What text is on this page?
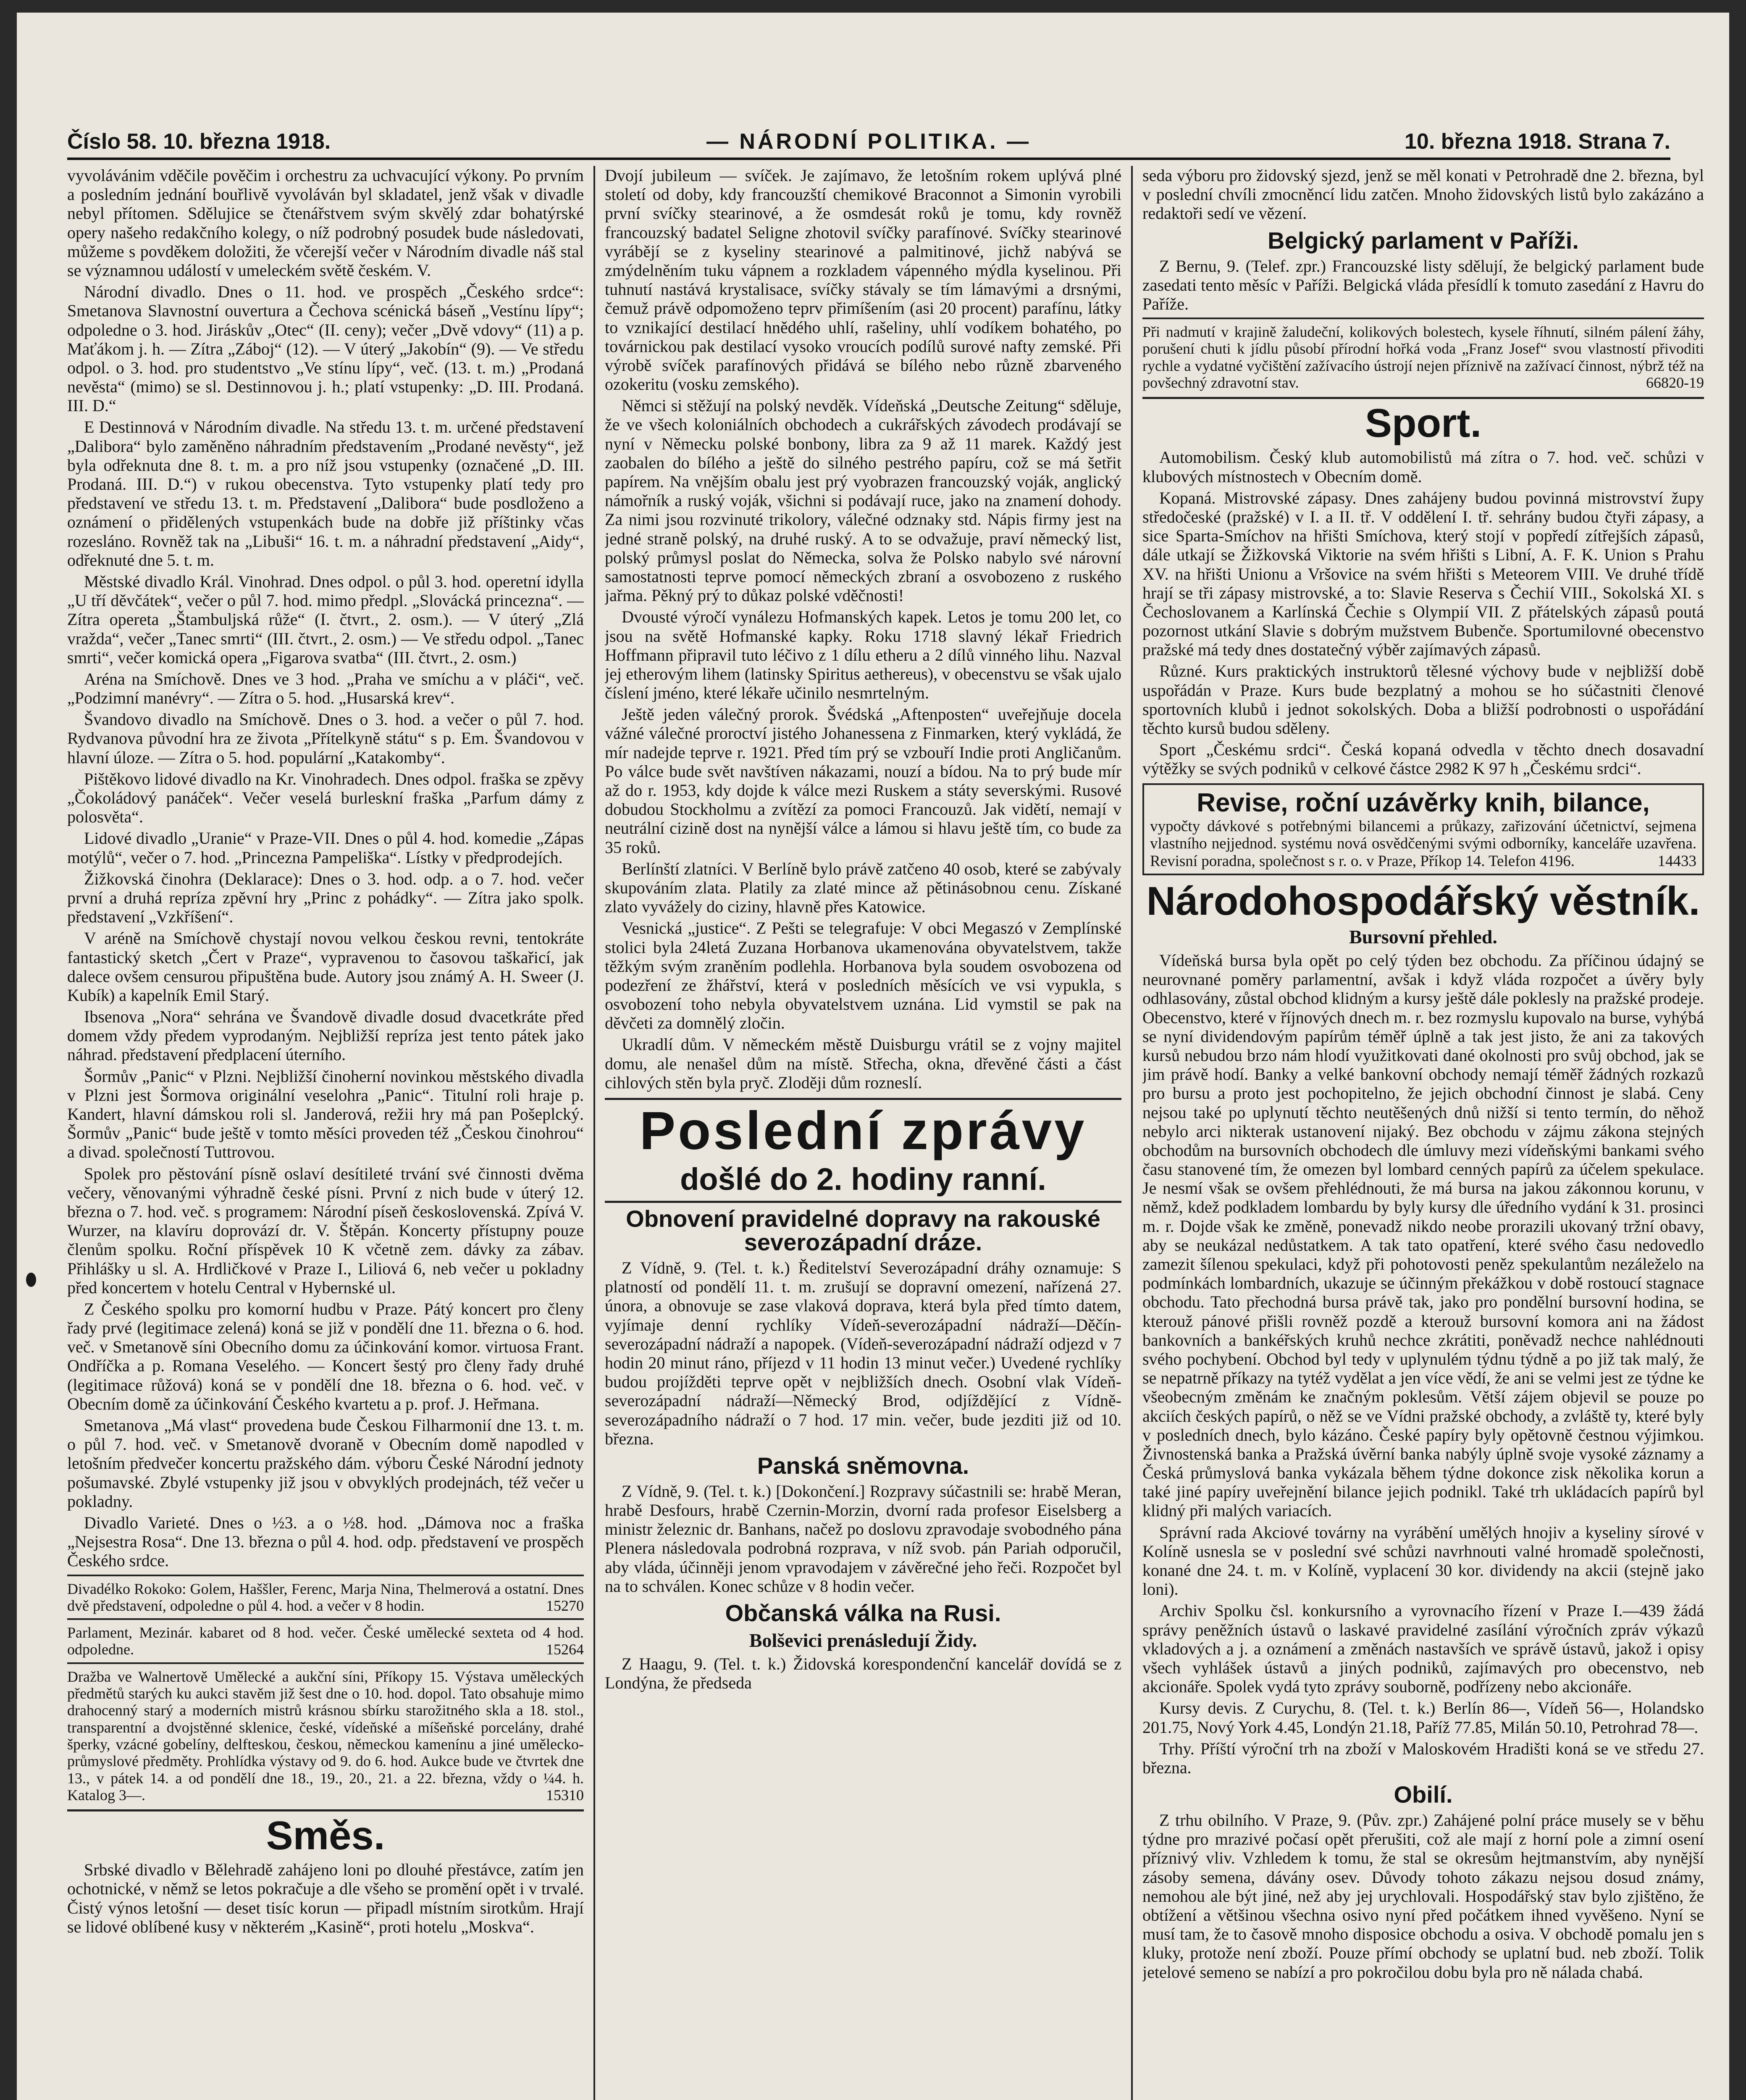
Číslo 58. 10. března 1918.	— NÁRODNÍ POLITIKA. —	10. března 1918. Strana 7.

vyvolávánim vděčile pověčim i orchestru za uchvacující výkony. Po prvním a posledním jednání bouřlivě vyvoláván byl skladatel, jenž však v divadle nebyl přítomen. Sdělujice se čtenářstvem svým skvělý zdar bohatýrské opery našeho redakčního kolegy, o níž podrobný posudek bude následovati, můžeme s povděkem doložiti, že včerejší večer v Národním divadle náš stal se významnou událostí v umeleckém světě českém. V.

Národní divadlo. Dnes o 11. hod. ve prospěch „Českého srdce“: Smetanova Slavnostní ouvertura a Čechova scénická báseň „Vestínu lípy“; odpoledne o 3. hod. Jiráskův „Otec“ (II. ceny); večer „Dvě vdovy“ (11) a p. Maťákom j. h. — Zítra „Záboj“ (12). — V úterý „Jakobín“ (9). — Ve středu odpol. o 3. hod. pro studentstvo „Ve stínu lípy“, več. (13. t. m.) „Prodaná nevěsta“ (mimo) se sl. Destinnovou j. h.; platí vstupenky: „D. III. Prodaná. III. D.“

E Destinnová v Národním divadle. Na středu 13. t. m. určené představení „Dalibora“ bylo zaměněno náhradním představením „Prodané nevěsty“, jež byla odřeknuta dne 8. t. m. a pro níž jsou vstupenky (označené „D. III. Prodaná. III. D.“) v rukou obecenstva. Tyto vstupenky platí tedy pro představení ve středu 13. t. m. Představení „Dalibora“ bude posdloženo a oznámení o přidělených vstupenkách bude na dobře již příštinky včas rozesláno. Rovněž tak na „Libuši“ 16. t. m. a náhradní představení „Aidy“, odřeknuté dne 5. t. m.

Městské divadlo Král. Vinohrad. Dnes odpol. o půl 3. hod. operetní idylla „U tří děvčátek“, večer o půl 7. hod. mimo předpl. „Slovácká princezna“. — Zítra opereta „Štambuljská růže“ (I. čtvrt., 2. osm.). — V úterý „Zlá vražda“, večer „Tanec smrti“ (III. čtvrt., 2. osm.) — Ve středu odpol. „Tanec smrti“, večer komická opera „Figarova svatba“ (III. čtvrt., 2. osm.)

Aréna na Smíchově. Dnes ve 3 hod. „Praha ve smíchu a v pláči“, več. „Podzimní manévry“. — Zítra o 5. hod. „Husarská krev“.

Švandovo divadlo na Smíchově. Dnes o 3. hod. a večer o půl 7. hod. Rydvanova původní hra ze života „Přítelkyně státu“ s p. Em. Švandovou v hlavní úloze. — Zítra o 5. hod. populární „Katakomby“.

Pištěkovo lidové divadlo na Kr. Vinohradech. Dnes odpol. fraška se zpěvy „Čokoládový panáček“. Večer veselá burleskní fraška „Parfum dámy z polosvěta“.

Lidové divadlo „Uranie“ v Praze-VII. Dnes o půl 4. hod. komedie „Zápas motýlů“, večer o 7. hod. „Princezna Pampeliška“. Lístky v předprodejích.

Žižkovská činohra (Deklarace): Dnes o 3. hod. odp. a o 7. hod. večer první a druhá repríza zpěvní hry „Princ z pohádky“. — Zítra jako spolk. představení „Vzkříšení“.

V aréně na Smíchově chystají novou velkou českou revni, tentokráte fantastický sketch „Čert v Praze“, vypravenou to časovou taškařicí, jak dalece ovšem censurou připuštěna bude. Autory jsou známý A. H. Sweer (J. Kubík) a kapelník Emil Starý.

Ibsenova „Nora“ sehrána ve Švandově divadle dosud dvacetkráte před domem vždy předem vyprodaným. Nejbližší repríza jest tento pátek jako náhrad. představení předplacení úterního.

Šormův „Panic“ v Plzni. Nejbližší činoherní novinkou městského divadla v Plzni jest Šormova originální veselohra „Panic“. Titulní roli hraje p. Kandert, hlavní dámskou roli sl. Janderová, režii hry má pan Pošeplcký. Šormův „Panic“ bude ještě v tomto měsíci proveden též „Českou činohrou“ a divad. společností Tuttrovou.

Spolek pro pěstování písně oslaví desítileté trvání své činnosti dvěma večery, věnovanými výhradně české písni. První z nich bude v úterý 12. března o 7. hod. več. s programem: Národní píseň československá. Zpívá V. Wurzer, na klavíru doprovází dr. V. Štěpán. Koncerty přístupny pouze členům spolku. Roční příspěvek 10 K včetně zem. dávky za zábav. Přihlášky u sl. A. Hrdličkové v Praze I., Liliová 6, neb večer u pokladny před koncertem v hotelu Central v Hybernské ul.

Z Českého spolku pro komorní hudbu v Praze. Pátý koncert pro členy řady prvé (legitimace zelená) koná se již v pondělí dne 11. března o 6. hod. več. v Smetanově síni Obecního domu za účinkování komor. virtuosa Frant. Ondříčka a p. Romana Veselého. — Koncert šestý pro členy řady druhé (legitimace růžová) koná se v pondělí dne 18. března o 6. hod. več. v Obecním domě za účinkování Českého kvartetu a p. prof. J. Heřmana.

Smetanova „Má vlast“ provedena bude Českou Filharmonií dne 13. t. m. o půl 7. hod. več. v Smetanově dvoraně v Obecním domě napodled v letošním předvečer koncertu pražského dám. výboru České Národní jednoty pošumavské. Zbylé vstupenky již jsou v obvyklých prodejnách, též večer u pokladny.

Divadlo Varieté. Dnes o ½3. a o ½8. hod. „Dámova noc a fraška „Nejsestra Rosa“. Dne 13. března o půl 4. hod. odp. představení ve prospěch Českého srdce.

Divadélko Rokoko: Golem, Haššler, Ferenc, Marja Nina, Thelmerová a ostatní. Dnes dvě představení, odpoledne o půl 4. hod. a večer v 8 hodin.	15270
Parlament, Mezinár. kabaret od 8 hod. večer. České umělecké sexteta od 4 hod. odpoledne.	15264
Dražba ve Walnertově Umělecké a aukční síni, Příkopy 15. Výstava uměleckých předmětů starých ku aukci stavěm již šest dne o 10. hod. dopol. Tato obsahuje mimo drahocenný starý a moderních mistrů krásnou sbírku starožitného skla a 18. stol., transparentní a dvojstěnné sklenice, české, vídeňské a míšeňské porcelány, drahé šperky, vzácné gobelíny, delfteskou, českou, německou kamenínu a jiné umělecko-průmyslové předměty. Prohlídka výstavy od 9. do 6. hod. Aukce bude ve čtvrtek dne 13., v pátek 14. a od pondělí dne 18., 19., 20., 21. a 22. března, vždy o ¼4. h. Katalog 3—.	15310
Směs.

Srbské divadlo v Bělehradě zahájeno loni po dlouhé přestávce, zatím jen ochotnické, v němž se letos pokračuje a dle všeho se promění opět i v trvalé. Čistý výnos letošní — deset tisíc korun — připadl místním sirotkům. Hrají se lidové oblíbené kusy v některém „Kasině“, proti hotelu „Moskva“.

Dvojí jubileum — svíček. Je zajímavo, že letošním rokem uplývá plné století od doby, kdy francouzští chemikové Braconnot a Simonin vyrobili první svíčky stearinové, a že osmdesát roků je tomu, kdy rovněž francouzský badatel Seligne zhotovil svíčky parafínové. Svíčky stearinové vyrábějí se z kyseliny stearinové a palmitinové, jichž nabývá se zmýdelněním tuku vápnem a rozkladem vápenného mýdla kyselinou. Při tuhnutí nastává krystalisace, svíčky stávaly se tím lámavými a drsnými, čemuž právě odpomoženo teprv přimíšením (asi 20 procent) parafínu, látky to vznikající destilací hnědého uhlí, rašeliny, uhlí vodíkem bohatého, po továrnickou pak destilací vysoko vroucích podílů surové nafty zemské. Při výrobě svíček parafínových přidává se bílého nebo různě zbarveného ozokeritu (vosku zemského).

Němci si stěžují na polský nevděk. Vídeňská „Deutsche Zeitung“ sděluje, že ve všech koloniálních obchodech a cukrářských závodech prodávají se nyní v Německu polské bonbony, libra za 9 až 11 marek. Každý jest zaobalen do bílého a ještě do silného pestrého papíru, což se má šetřit papírem. Na vnějším obalu jest prý vyobrazen francouzský voják, anglický námořník a ruský voják, všichni si podávají ruce, jako na znamení dohody. Za nimi jsou rozvinuté trikolory, válečné odznaky std. Nápis firmy jest na jedné straně polský, na druhé ruský. A to se odvažuje, praví německý list, polský průmysl poslat do Německa, solva že Polsko nabylo své nárovní samostatnosti teprve pomocí německých zbraní a osvobozeno z ruského jařma. Pěkný prý to důkaz polské vděčnosti!

Dvousté výročí vynálezu Hofmanských kapek. Letos je tomu 200 let, co jsou na světě Hofmanské kapky. Roku 1718 slavný lékař Friedrich Hoffmann připravil tuto léčivo z 1 dílu etheru a 2 dílů vinného lihu. Nazval jej etherovým lihem (latinsky Spiritus aethereus), v obecenstvu se však ujalo číslení jméno, které lékaře učinilo nesmrtelným.

Ještě jeden válečný prorok. Švédská „Aftenposten“ uveřejňuje docela vážné válečné proroctví jistého Johanessena z Finmarken, který vykládá, že mír nadejde teprve r. 1921. Před tím prý se vzbouří Indie proti Angličanům. Po válce bude svět navštíven nákazami, nouzí a bídou. Na to prý bude mír až do r. 1953, kdy dojde k válce mezi Ruskem a státy severskými. Rusové dobudou Stockholmu a zvítězí za pomoci Francouzů. Jak vidětí, nemají v neutrální cizině dost na nynější válce a lámou si hlavu ještě tím, co bude za 35 roků.

Berlínští zlatníci. V Berlíně bylo právě zatčeno 40 osob, které se zabývaly skupováním zlata. Platily za zlaté mince až pětinásobnou cenu. Získané zlato vyvážely do ciziny, hlavně přes Katowice.

Vesnická „justice“. Z Pešti se telegrafuje: V obci Megaszó v Zemplínské stolici byla 24letá Zuzana Horbanova ukamenována obyvatelstvem, takže těžkým svým zraněním podlehla. Horbanova byla soudem osvobozena od podezření ze žhářství, která v posledních měsících ve vsi vypukla, s osvobození toho nebyla obyvatelstvem uznána. Lid vymstil se pak na děvčeti za domnělý zločin.

Ukradlí dům. V německém městě Duisburgu vrátil se z vojny majitel domu, ale nenašel dům na místě. Střecha, okna, dřevěné části a část cihlových stěn byla pryč. Zloději dům rozneslí.

Poslední zprávy
došlé do 2. hodiny ranní.
Obnovení pravidelné dopravy na rakouské severozápadní dráze.

Z Vídně, 9. (Tel. t. k.) Ředitelství Severozápadní dráhy oznamuje: S platností od pondělí 11. t. m. zrušují se dopravní omezení, nařízená 27. února, a obnovuje se zase vlaková doprava, která byla před tímto datem, vyjímaje denní rychlíky Vídeň-severozápadní nádraží—Děčín-severozápadní nádraží a napopek. (Vídeň-severozápadní nádraží odjezd v 7 hodin 20 minut ráno, příjezd v 11 hodin 13 minut večer.) Uvedené rychlíky budou projížděti teprve opět v nejbližších dnech. Osobní vlak Vídeň-severozápadní nádraží—Německý Brod, odjíždějící z Vídně-severozápadního nádraží o 7 hod. 17 min. večer, bude jezditi již od 10. března.

Panská sněmovna.

Z Vídně, 9. (Tel. t. k.) [Dokončení.] Rozpravy súčastnili se: hrabě Meran, hrabě Desfours, hrabě Czernin-Morzin, dvorní rada profesor Eiselsberg a ministr železnic dr. Banhans, načež po doslovu zpravodaje svobodného pána Plenera následovala podrobná rozprava, v níž svob. pán Pariah odporučil, aby vláda, účinněji jenom vpravodajem v závěrečné jeho řeči. Rozpočet byl na to schválen. Konec schůze v 8 hodin večer.

Občanská válka na Rusi.
Bolševici prenásledují Židy.

Z Haagu, 9. (Tel. t. k.) Židovská korespondenční kancelář dovídá se z Londýna, že předseda

seda výboru pro židovský sjezd, jenž se měl konati v Petrohradě dne 2. března, byl v poslední chvíli zmocněncí lidu zatčen. Mnoho židovských listů bylo zakázáno a redaktoři sedí ve vězení.

Belgický parlament v Paříži.

Z Bernu, 9. (Telef. zpr.) Francouzské listy sdělují, že belgický parlament bude zasedati tento měsíc v Paříži. Belgická vláda přesídlí k tomuto zasedání z Havru do Paříže.

Při nadmutí v krajině žaludeční, kolikových bolestech, kysele říhnutí, silném pálení žáhy, porušení chuti k jídlu působí přírodní hořká voda „Franz Josef“ svou vlastností přivoditi rychle a vydatné vyčištění zažívacího ústrojí nejen příznivě na zažívací činnost, nýbrž též na povšechný zdravotní stav.	66820-19
Sport.

Automobilism. Český klub automobilistů má zítra o 7. hod. več. schůzi v klubových místnostech v Obecním domě.

Kopaná. Mistrovské zápasy. Dnes zahájeny budou povinná mistrovství župy středočeské (pražské) v I. a II. tř. V oddělení I. tř. sehrány budou čtyři zápasy, a sice Sparta-Smíchov na hřišti Smíchova, který stojí v popředí zítřejších zápasů, dále utkají se Žižkovská Viktorie na svém hřišti s Libní, A. F. K. Union s Prahu XV. na hřišti Unionu a Vršovice na svém hřišti s Meteorem VIII. Ve druhé třídě hrají se tři zápasy mistrovské, a to: Slavie Reserva s Čechií VIII., Sokolská XI. s Čechoslovanem a Karlínská Čechie s Olympií VII. Z přátelských zápasů poutá pozornost utkání Slavie s dobrým mužstvem Bubenče. Sportumilovné obecenstvo pražské má tedy dnes dostatečný výběr zajímavých zápasů.

Různé. Kurs praktických instruktorů tělesné výchovy bude v nejbližší době uspořádán v Praze. Kurs bude bezplatný a mohou se ho súčastniti členové sportovních klubů i jednot sokolských. Doba a bližší podrobnosti o uspořádání těchto kursů budou sděleny.

Sport „Českému srdci“. Česká kopaná odvedla v těchto dnech dosavadní výtěžky se svých podniků v celkové částce 2982 K 97 h „Českému srdci“.

Revise, roční uzávěrky knih, bilance,
vypočty dávkové s potřebnými bilancemi a průkazy, zařizování účetnictví, sejmena vlastního nejjednod. systému nová osvědčenými svými odborníky, kanceláře uzavřena. Revisní poradna, společnost s r. o. v Praze, Příkop 14. Telefon 4196.	14433
Národohospodářský věstník.
Bursovní přehled.

Vídeňská bursa byla opět po celý týden bez obchodu. Za příčinou údajný se neurovnané poměry parlamentní, avšak i když vláda rozpočet a úvěry byly odhlasovány, zůstal obchod klidným a kursy ještě dále poklesly na pražské prodeje. Obecenstvo, které v říjnových dnech m. r. bez rozmyslu kupovalo na burse, vyhýbá se nyní dividendovým papírům téměř úplně a tak jest jisto, že ani za takových kursů nebudou brzo nám hlodí využitkovati dané okolnosti pro svůj obchod, jak se jim právě hodí. Banky a velké bankovní obchody nemají téměř žádných rozkazů pro bursu a proto jest pochopitelno, že jejich obchodní činnost je slabá. Ceny nejsou také po uplynutí těchto neutěšených dnů nižší si tento termín, do něhož nebylo arci nikterak ustanovení nijaký. Bez obchodu v zájmu zákona stejných obchodům na bursovních obchodech dle úmluvy mezi vídeňskými bankami svého času stanovené tím, že omezen byl lombard cenných papírů za účelem spekulace. Je nesmí však se ovšem přehlédnouti, že má bursa na jakou zákonnou korunu, v němž, kdež podkladem lombardu by byly kursy dle úředního vydání k 31. prosinci m. r. Dojde však ke změně, ponevadž nikdo neobe prorazili ukovaný tržní obavy, aby se neukázal nedůstatkem. A tak tato opatření, které svého času nedovedlo zamezit šílenou spekulaci, když při pohotovosti peněz spekulantům nezáleželo na podmínkách lombardních, ukazuje se účinným překážkou v době rostoucí stagnace obchodu. Tato přechodná bursa právě tak, jako pro pondělní bursovní hodina, se kterouž pánové přišli rovněž pozdě a kterouž bursovní komora ani na žádost bankovních a bankéřských kruhů nechce zkrátiti, poněvadž nechce nahlédnouti svého pochybení. Obchod byl tedy v uplynulém týdnu týdně a po již tak malý, že se nepatrně příkazy na tytéž vydělat a jen více vědí, že ani se velmi jest ze týdne ke všeobecným změnám ke značným poklesům. Větší zájem objevil se pouze po akciích českých papírů, o něž se ve Vídni pražské obchody, a zvláště ty, které byly v posledních dnech, bylo kázáno. České papíry byly opětovně čestnou výjimkou. Živnostenská banka a Pražská úvěrní banka nabýly úplně svoje vysoké záznamy a Česká průmyslová banka vykázala během týdne dokonce zisk několika korun a také jiné papíry uveřejnění bilance jejich podnikl. Také trh ukládacích papírů byl klidný při malých variacích.

Správní rada Akciové továrny na vyrábění umělých hnojiv a kyseliny sírové v Kolíně usnesla se v poslední své schůzi navrhnouti valné hromadě společnosti, konané dne 24. t. m. v Kolíně, vyplacení 30 kor. dividendy na akcii (stejně jako loni).

Archiv Spolku čsl. konkursního a vyrovnacího řízení v Praze I.—439 žádá správy peněžních ústavů o laskavé pravidelné zasílání výročních zpráv výkazů vkladových a j. a oznámení a změnách nastavších ve správě ústavů, jakož i opisy všech vyhlášek ústavů a jiných podniků, zajímavých pro obecenstvo, neb akcionáře. Spolek vydá tyto zprávy souborně, podřízeny nebo akcionáře.

Kursy devis. Z Curychu, 8. (Tel. t. k.) Berlín 86—, Vídeň 56—, Holandsko 201.75, Nový York 4.45, Londýn 21.18, Paříž 77.85, Milán 50.10, Petrohrad 78—.

Trhy. Příští výroční trh na zboží v Maloskovém Hradišti koná se ve středu 27. března.

Obilí.

Z trhu obilního. V Praze, 9. (Pův. zpr.) Zahájené polní práce musely se v běhu týdne pro mrazivé počasí opět přerušiti, což ale mají z horní pole a zimní osení příznivý vliv. Vzhledem k tomu, že stal se okresům hejtmanstvím, aby nynější zásoby semena, dávány osev. Důvody tohoto zákazu nejsou dosud známy, nemohou ale být jiné, než aby jej urychlovali. Hospodářský stav bylo zjištěno, že obtížení a většinou všechna osivo nyní před počátkem ihned vyvěšeno. Nyní se musí tam, že to časově mnoho disposice obchodu a osiva. V obchodě pomalu jen s kluky, protože není zboží. Pouze přímí obchody se uplatní bud. neb zboží. Tolik jetelové semeno se nabízí a pro pokročilou dobu byla pro ně nálada chabá.
